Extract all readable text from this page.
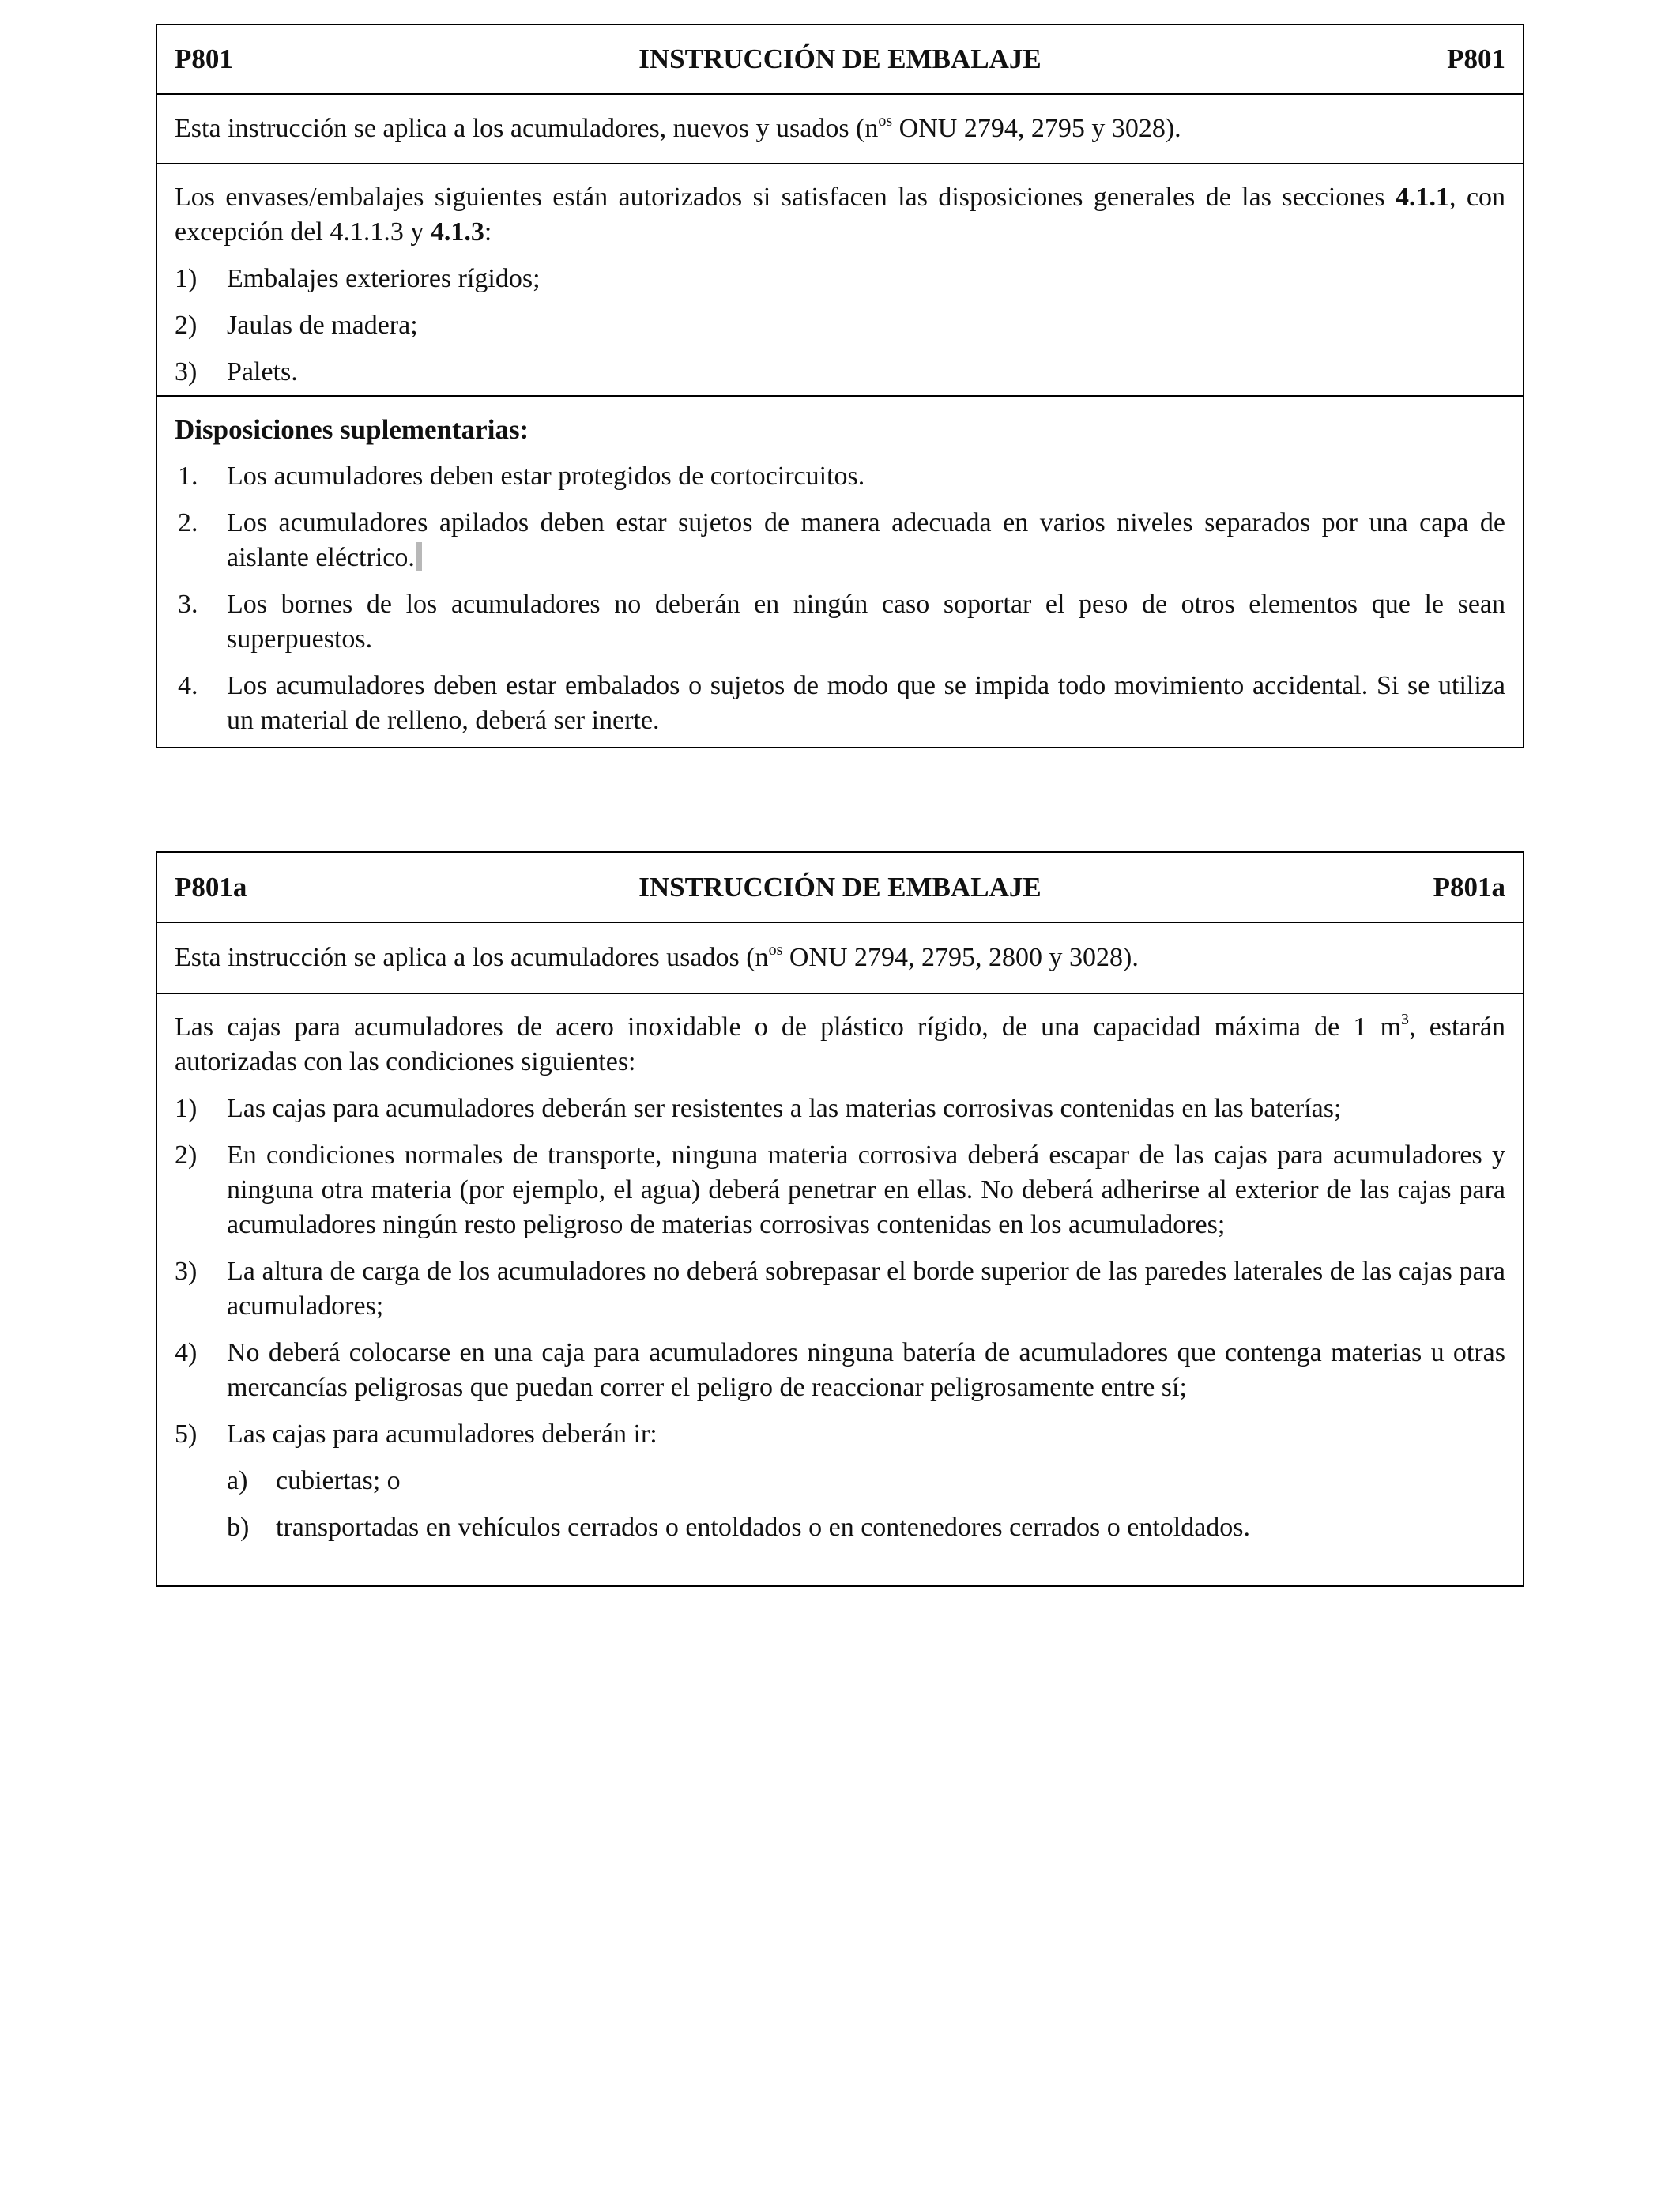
P801	INSTRUCCIÓN DE EMBALAJE	P801

Esta instrucción se aplica a los acumuladores, nuevos y usados ($n^{os}$ ONU 2794, 2795 y 3028).

Los envases/embalajes siguientes están autorizados si satisfacen las disposiciones generales de las secciones 4.1.1, con excepción del 4.1.1.3 y 4.1.3:

1)	Embalajes exteriores rígidos;
2)	Jaulas de madera;
3)	Palets.

Disposiciones suplementarias:

1.	Los acumuladores deben estar protegidos de cortocircuitos.
2.	Los acumuladores apilados deben estar sujetos de manera adecuada en varios niveles separados por una capa de aislante eléctrico.
3.	Los bornes de los acumuladores no deberán en ningún caso soportar el peso de otros elementos que le sean superpuestos.
4.	Los acumuladores deben estar embalados o sujetos de modo que se impida todo movimiento accidental. Si se utiliza un material de relleno, deberá ser inerte.
P801a	INSTRUCCIÓN DE EMBALAJE	P801a

Esta instrucción se aplica a los acumuladores usados ($n^{os}$ ONU 2794, 2795, 2800 y 3028).

Las cajas para acumuladores de acero inoxidable o de plástico rígido, de una capacidad máxima de 1 $m^3$, estarán autorizadas con las condiciones siguientes:

1)	Las cajas para acumuladores deberán ser resistentes a las materias corrosivas contenidas en las baterías;
2)	En condiciones normales de transporte, ninguna materia corrosiva deberá escapar de las cajas para acumuladores y ninguna otra materia (por ejemplo, el agua) deberá penetrar en ellas. No deberá adherirse al exterior de las cajas para acumuladores ningún resto peligroso de materias corrosivas contenidas en los acumuladores;
3)	La altura de carga de los acumuladores no deberá sobrepasar el borde superior de las paredes laterales de las cajas para acumuladores;
4)	No deberá colocarse en una caja para acumuladores ninguna batería de acumuladores que contenga materias u otras mercancías peligrosas que puedan correr el peligro de reaccionar peligrosamente entre sí;
5)	Las cajas para acumuladores deberán ir:
a)	cubiertas; o
b) transportadas en vehículos cerrados o entoldados o en contenedores cerrados o entoldados.
